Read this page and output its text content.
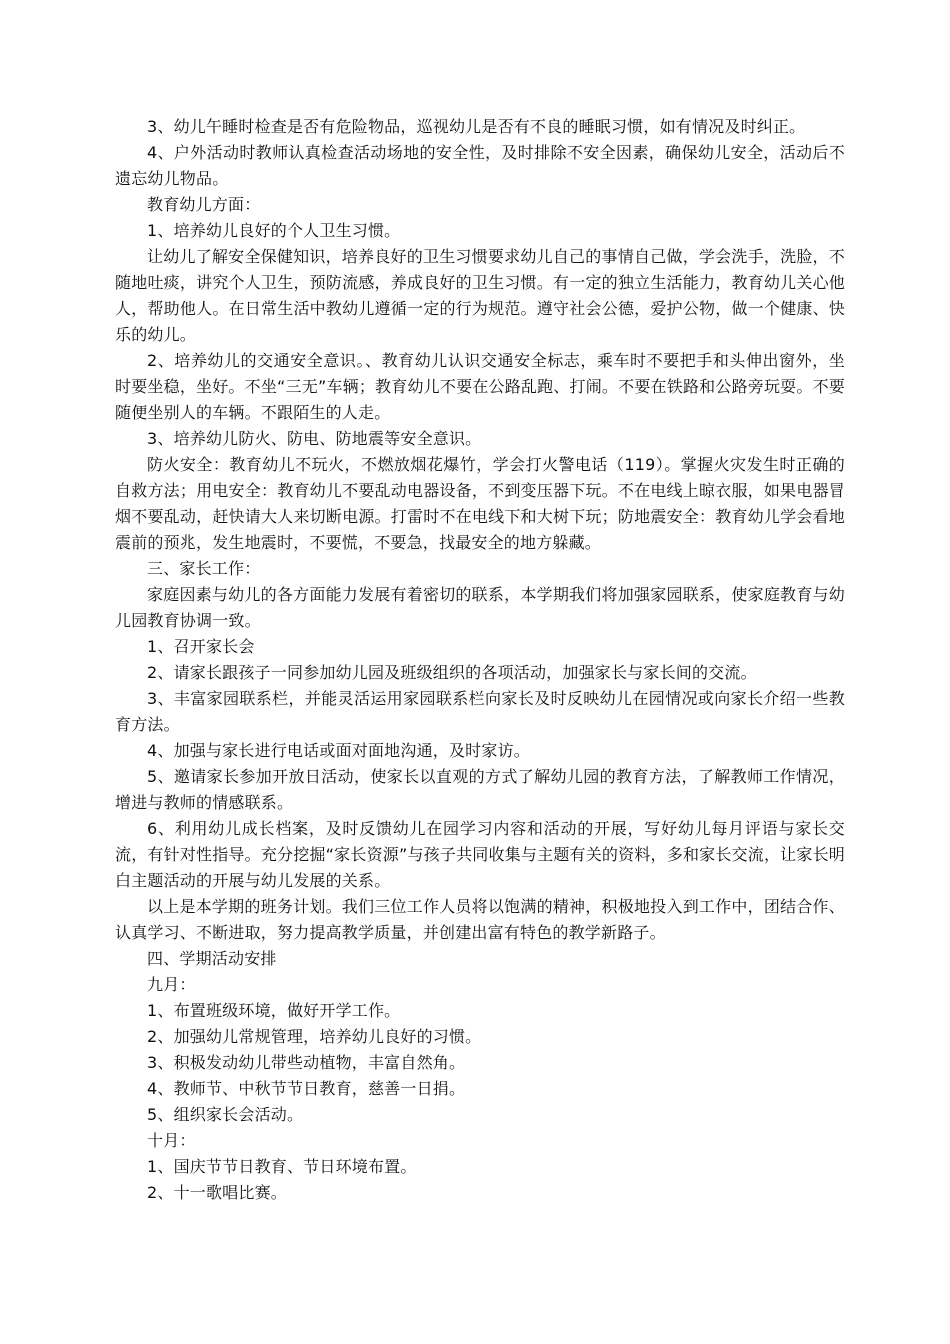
3、幼儿午睡时检查是否有危险物品，巡视幼儿是否有不良的睡眠习惯，如有情况及时纠正。

4、户外活动时教师认真检查活动场地的安全性，及时排除不安全因素，确保幼儿安全，活动后不遗忘幼儿物品。

教育幼儿方面：

1、培养幼儿良好的个人卫生习惯。

让幼儿了解安全保健知识，培养良好的卫生习惯要求幼儿自己的事情自己做，学会洗手，洗脸，不随地吐痰，讲究个人卫生，预防流感，养成良好的卫生习惯。有一定的独立生活能力，教育幼儿关心他人，帮助他人。在日常生活中教幼儿遵循一定的行为规范。遵守社会公德，爱护公物，做一个健康、快乐的幼儿。

2、培养幼儿的交通安全意识。、教育幼儿认识交通安全标志，乘车时不要把手和头伸出窗外，坐时要坐稳，坐好。不坐“三无”车辆；教育幼儿不要在公路乱跑、打闹。不要在铁路和公路旁玩耍。不要随便坐别人的车辆。不跟陌生的人走。

3、培养幼儿防火、防电、防地震等安全意识。

防火安全：教育幼儿不玩火，不燃放烟花爆竹，学会打火警电话（119）。掌握火灾发生时正确的自救方法；用电安全：教育幼儿不要乱动电器设备，不到变压器下玩。不在电线上晾衣服，如果电器冒烟不要乱动，赶快请大人来切断电源。打雷时不在电线下和大树下玩；防地震安全：教育幼儿学会看地震前的预兆，发生地震时，不要慌，不要急，找最安全的地方躲藏。

三、家长工作：

家庭因素与幼儿的各方面能力发展有着密切的联系，本学期我们将加强家园联系，使家庭教育与幼儿园教育协调一致。

1、召开家长会

2、请家长跟孩子一同参加幼儿园及班级组织的各项活动，加强家长与家长间的交流。

3、丰富家园联系栏，并能灵活运用家园联系栏向家长及时反映幼儿在园情况或向家长介绍一些教育方法。

4、加强与家长进行电话或面对面地沟通，及时家访。

5、邀请家长参加开放日活动，使家长以直观的方式了解幼儿园的教育方法，了解教师工作情况，增进与教师的情感联系。

6、利用幼儿成长档案，及时反馈幼儿在园学习内容和活动的开展，写好幼儿每月评语与家长交流，有针对性指导。充分挖掘“家长资源”与孩子共同收集与主题有关的资料，多和家长交流，让家长明白主题活动的开展与幼儿发展的关系。

以上是本学期的班务计划。我们三位工作人员将以饱满的精神，积极地投入到工作中，团结合作、认真学习、不断进取，努力提高教学质量，并创建出富有特色的教学新路子。

四、学期活动安排

九月：

1、布置班级环境，做好开学工作。

2、加强幼儿常规管理，培养幼儿良好的习惯。

3、积极发动幼儿带些动植物，丰富自然角。

4、教师节、中秋节节日教育，慈善一日捐。

5、组织家长会活动。

十月：

1、国庆节节日教育、节日环境布置。

2、十一歌唱比赛。
